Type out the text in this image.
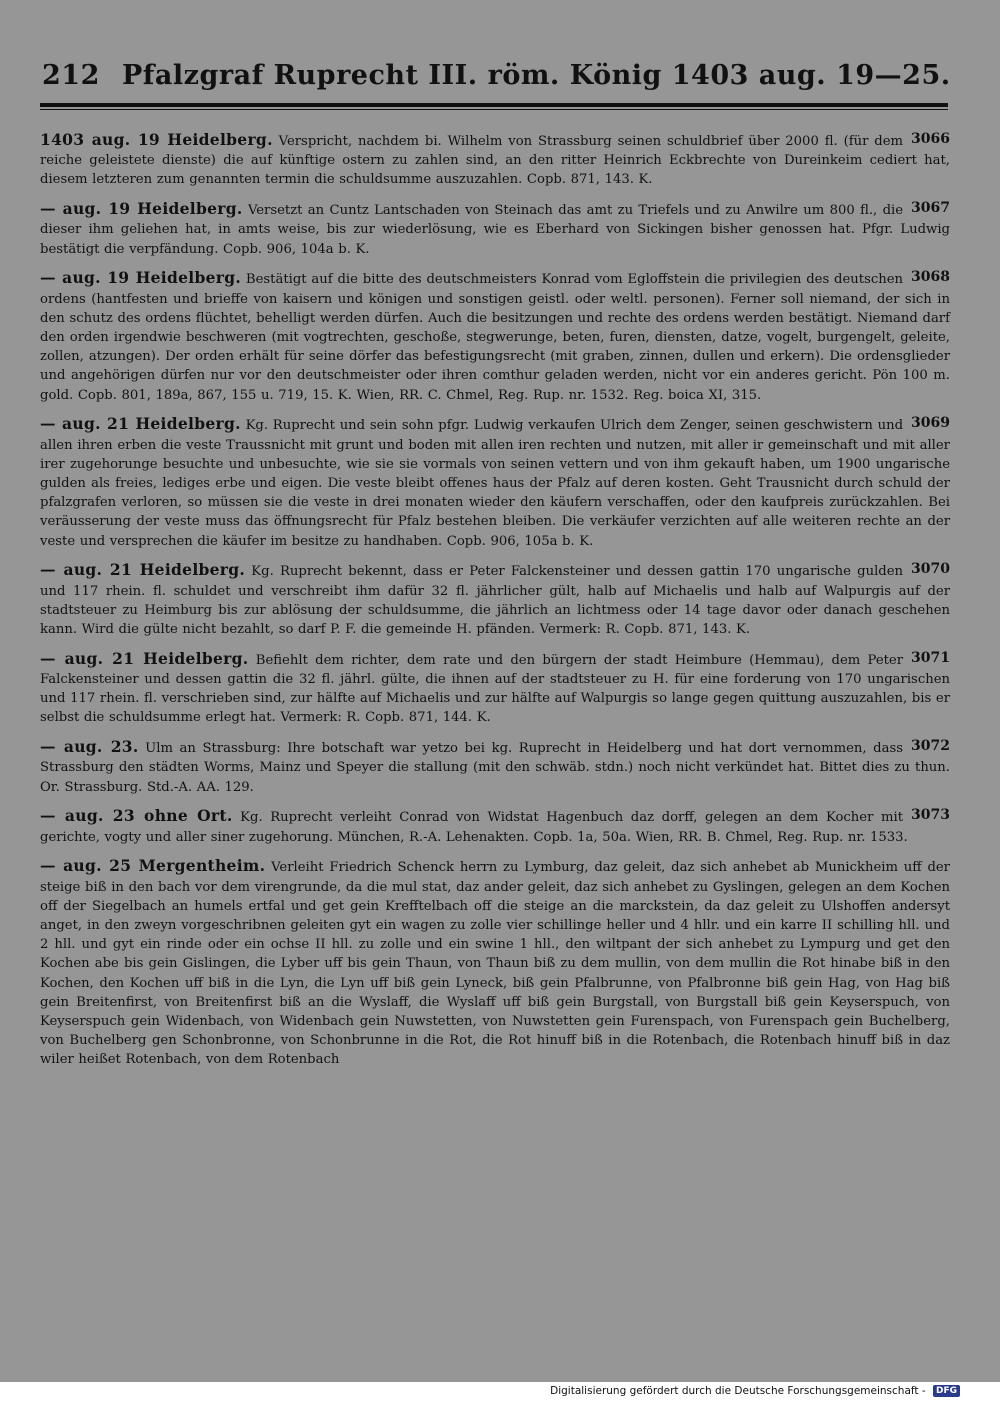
212 Pfalzgraf Ruprecht III. röm. König 1403 aug. 19—25.
3066
1403 aug. 19 Heidelberg. Verspricht, nachdem bi. Wilhelm von Strassburg seinen schuldbrief über 2000 fl. (für dem reiche geleistete dienste) die auf künftige ostern zu zahlen sind, an den ritter Heinrich Eckbrechte von Dureinkeim cediert hat, diesem letzteren zum genannten termin die schuldsumme auszuzahlen. Copb. 871, 143. K.
3067
— aug. 19 Heidelberg. Versetzt an Cuntz Lantschaden von Steinach das amt zu Triefels und zu Anwilre um 800 fl., die dieser ihm geliehen hat, in amts weise, bis zur wiederlösung, wie es Eberhard von Sickingen bisher genossen hat. Pfgr. Ludwig bestätigt die verpfändung. Copb. 906, 104a b. K.
3068
— aug. 19 Heidelberg. Bestätigt auf die bitte des deutschmeisters Konrad vom Egloffstein die privilegien des deutschen ordens (hantfesten und brieffe von kaisern und königen und sonstigen geistl. oder weltl. personen). Ferner soll niemand, der sich in den schutz des ordens flüchtet, behelligt werden dürfen. Auch die besitzungen und rechte des ordens werden bestätigt. Niemand darf den orden irgendwie beschweren (mit vogtrechten, geschoße, stegwerunge, beten, furen, diensten, datze, vogelt, burgengelt, geleite, zollen, atzungen). Der orden erhält für seine dörfer das befestigungsrecht (mit graben, zinnen, dullen und erkern). Die ordensglieder und angehörigen dürfen nur vor den deutschmeister oder ihren comthur geladen werden, nicht vor ein anderes gericht. Pön 100 m. gold. Copb. 801, 189a, 867, 155 u. 719, 15. K. Wien, RR. C. Chmel, Reg. Rup. nr. 1532. Reg. boica XI, 315.
3069
— aug. 21 Heidelberg. Kg. Ruprecht und sein sohn pfgr. Ludwig verkaufen Ulrich dem Zenger, seinen geschwistern und allen ihren erben die veste Traussnicht mit grunt und boden mit allen iren rechten und nutzen, mit aller ir gemeinschaft und mit aller irer zugehorunge besuchte und unbesuchte, wie sie sie vormals von seinen vettern und von ihm gekauft haben, um 1900 ungarische gulden als freies, lediges erbe und eigen. Die veste bleibt offenes haus der Pfalz auf deren kosten. Geht Trausnicht durch schuld der pfalzgrafen verloren, so müssen sie die veste in drei monaten wieder den käufern verschaffen, oder den kaufpreis zurückzahlen. Bei veräusserung der veste muss das öffnungsrecht für Pfalz bestehen bleiben. Die verkäufer verzichten auf alle weiteren rechte an der veste und versprechen die käufer im besitze zu handhaben. Copb. 906, 105a b. K.
3070
— aug. 21 Heidelberg. Kg. Ruprecht bekennt, dass er Peter Falckensteiner und dessen gattin 170 ungarische gulden und 117 rhein. fl. schuldet und verschreibt ihm dafür 32 fl. jährlicher gült, halb auf Michaelis und halb auf Walpurgis auf der stadtsteuer zu Heimburg bis zur ablösung der schuldsumme, die jährlich an lichtmess oder 14 tage davor oder danach geschehen kann. Wird die gülte nicht bezahlt, so darf P. F. die gemeinde H. pfänden. Vermerk: R. Copb. 871, 143. K.
3071
— aug. 21 Heidelberg. Befiehlt dem richter, dem rate und den bürgern der stadt Heimbure (Hemmau), dem Peter Falckensteiner und dessen gattin die 32 fl. jährl. gülte, die ihnen auf der stadtsteuer zu H. für eine forderung von 170 ungarischen und 117 rhein. fl. verschrieben sind, zur hälfte auf Michaelis und zur hälfte auf Walpurgis so lange gegen quittung auszuzahlen, bis er selbst die schuldsumme erlegt hat. Vermerk: R. Copb. 871, 144. K.
3072
— aug. 23. Ulm an Strassburg: Ihre botschaft war yetzo bei kg. Ruprecht in Heidelberg und hat dort vernommen, dass Strassburg den städten Worms, Mainz und Speyer die stallung (mit den schwäb. stdn.) noch nicht verkündet hat. Bittet dies zu thun. Or. Strassburg. Std.-A. AA. 129.
3073
— aug. 23 ohne Ort. Kg. Ruprecht verleiht Conrad von Widstat Hagenbuch daz dorff, gelegen an dem Kocher mit gerichte, vogty und aller siner zugehorung. München, R.-A. Lehenakten. Copb. 1a, 50a. Wien, RR. B. Chmel, Reg. Rup. nr. 1533.
— aug. 25 Mergentheim. Verleiht Friedrich Schenck herrn zu Lymburg, daz geleit, daz sich anhebet ab Munickheim uff der steige biß in den bach vor dem virengrunde, da die mul stat, daz ander geleit, daz sich anhebet zu Gyslingen, gelegen an dem Kochen off der Siegelbach an humels ertfal und get gein Krefftelbach off die steige an die marckstein, da daz geleit zu Ulshoffen andersyt anget, in den zweyn vorgeschribnen geleiten gyt ein wagen zu zolle vier schillinge heller und 4 hllr. und ein karre II schilling hll. und 2 hll. und gyt ein rinde oder ein ochse II hll. zu zolle und ein swine 1 hll., den wiltpant der sich anhebet zu Lympurg und get den Kochen abe bis gein Gislingen, die Lyber uff bis gein Thaun, von Thaun biß zu dem mullin, von dem mullin die Rot hinabe biß in den Kochen, den Kochen uff biß in die Lyn, die Lyn uff biß gein Lyneck, biß gein Pfalbrunne, von Pfalbronne biß gein Hag, von Hag biß gein Breitenfirst, von Breitenfirst biß an die Wyslaff, die Wyslaff uff biß gein Burgstall, von Burgstall biß gein Keyserspuch, von Keyserspuch gein Widenbach, von Widenbach gein Nuwstetten, von Nuwstetten gein Furenspach, von Furenspach gein Buchelberg, von Buchelberg gen Schonbronne, von Schonbrunne in die Rot, die Rot hinuff biß in die Rotenbach, die Rotenbach hinuff biß in daz wiler heißet Rotenbach, von dem Rotenbach
Digitalisierung gefördert durch die Deutsche Forschungsgemeinschaft - DFG
